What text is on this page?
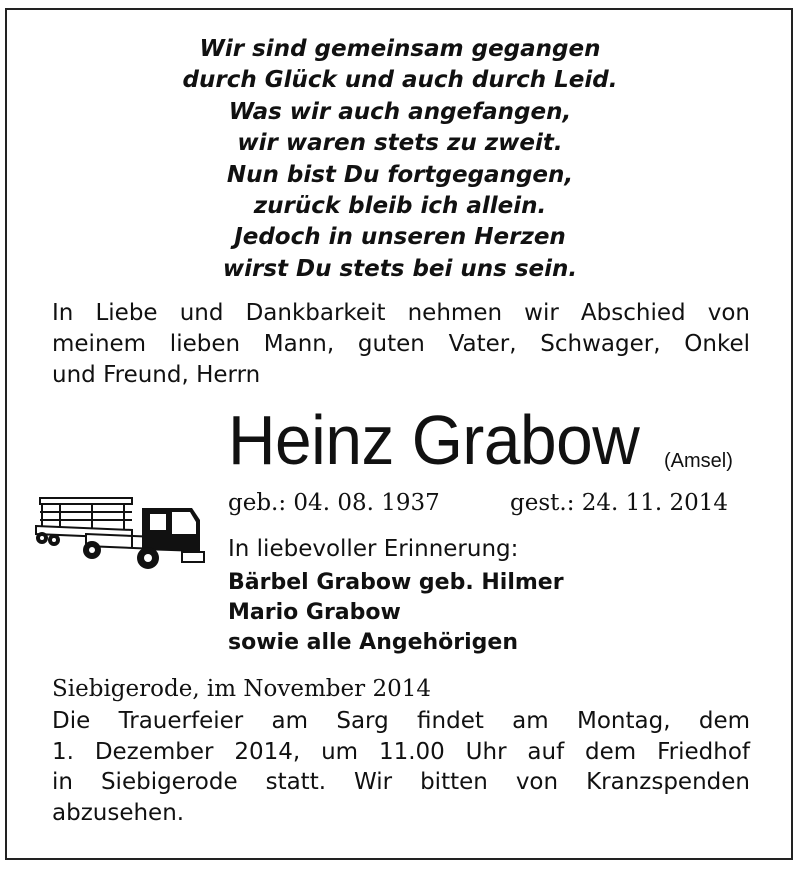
Wir sind gemeinsam gegangen
durch Glück und auch durch Leid.
Was wir auch angefangen,
wir waren stets zu zweit.
Nun bist Du fortgegangen,
zurück bleib ich allein.
Jedoch in unseren Herzen
wirst Du stets bei uns sein.
In Liebe und Dankbarkeit nehmen wir Abschied von
meinem lieben Mann, guten Vater, Schwager, Onkel
und Freund, Herrn
Heinz Grabow (Amsel)
geb.: 04. 08. 1937	gest.: 24. 11. 2014
In liebevoller Erinnerung:
Bärbel Grabow geb. Hilmer
Mario Grabow
sowie alle Angehörigen
Siebigerode, im November 2014
Die Trauerfeier am Sarg findet am Montag, dem
1. Dezember 2014, um 11.00 Uhr auf dem Friedhof
in Siebigerode statt. Wir bitten von Kranzspenden
abzusehen.
